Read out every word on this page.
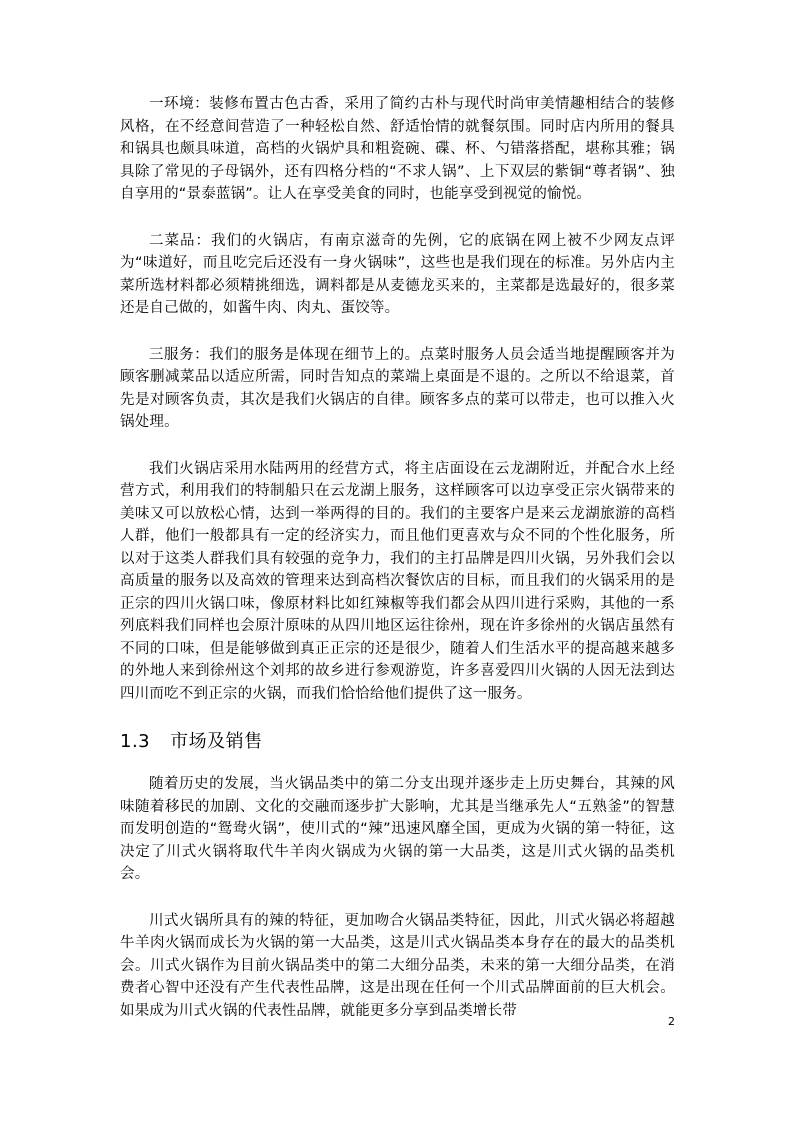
一环境：装修布置古色古香，采用了简约古朴与现代时尚审美情趣相结合的装修风格，在不经意间营造了一种轻松自然、舒适怡情的就餐氛围。同时店内所用的餐具和锅具也颇具味道，高档的火锅炉具和粗瓷碗、碟、杯、勺错落搭配，堪称其雅；锅具除了常见的子母锅外，还有四格分档的“不求人锅”、上下双层的紫铜“尊者锅”、独自享用的“景泰蓝锅”。让人在享受美食的同时，也能享受到视觉的愉悦。

二菜品：我们的火锅店，有南京滋奇的先例，它的底锅在网上被不少网友点评为“味道好，而且吃完后还没有一身火锅味”，这些也是我们现在的标准。另外店内主菜所选材料都必须精挑细选，调料都是从麦德龙买来的，主菜都是选最好的，很多菜还是自己做的，如酱牛肉、肉丸、蛋饺等。

三服务：我们的服务是体现在细节上的。点菜时服务人员会适当地提醒顾客并为顾客删减菜品以适应所需，同时告知点的菜端上桌面是不退的。之所以不给退菜，首先是对顾客负责，其次是我们火锅店的自律。顾客多点的菜可以带走，也可以推入火锅处理。

我们火锅店采用水陆两用的经营方式，将主店面设在云龙湖附近，并配合水上经营方式，利用我们的特制船只在云龙湖上服务，这样顾客可以边享受正宗火锅带来的美味又可以放松心情，达到一举两得的目的。我们的主要客户是来云龙湖旅游的高档人群，他们一般都具有一定的经济实力，而且他们更喜欢与众不同的个性化服务，所以对于这类人群我们具有较强的竞争力，我们的主打品牌是四川火锅，另外我们会以高质量的服务以及高效的管理来达到高档次餐饮店的目标，而且我们的火锅采用的是正宗的四川火锅口味，像原材料比如红辣椒等我们都会从四川进行采购，其他的一系列底料我们同样也会原汁原味的从四川地区运往徐州，现在许多徐州的火锅店虽然有不同的口味，但是能够做到真正正宗的还是很少，随着人们生活水平的提高越来越多的外地人来到徐州这个刘邦的故乡进行参观游览，许多喜爱四川火锅的人因无法到达四川而吃不到正宗的火锅，而我们恰恰给他们提供了这一服务。

1.3 市场及销售

随着历史的发展，当火锅品类中的第二分支出现并逐步走上历史舞台，其辣的风味随着移民的加剧、文化的交融而逐步扩大影响，尤其是当继承先人“五熟釜”的智慧而发明创造的“鸳鸯火锅”，使川式的“辣”迅速风靡全国，更成为火锅的第一特征，这决定了川式火锅将取代牛羊肉火锅成为火锅的第一大品类，这是川式火锅的品类机会。

川式火锅所具有的辣的特征，更加吻合火锅品类特征，因此，川式火锅必将超越牛羊肉火锅而成长为火锅的第一大品类，这是川式火锅品类本身存在的最大的品类机会。川式火锅作为目前火锅品类中的第二大细分品类，未来的第一大细分品类，在消费者心智中还没有产生代表性品牌，这是出现在任何一个川式品牌面前的巨大机会。如果成为川式火锅的代表性品牌，就能更多分享到品类增长带

2
